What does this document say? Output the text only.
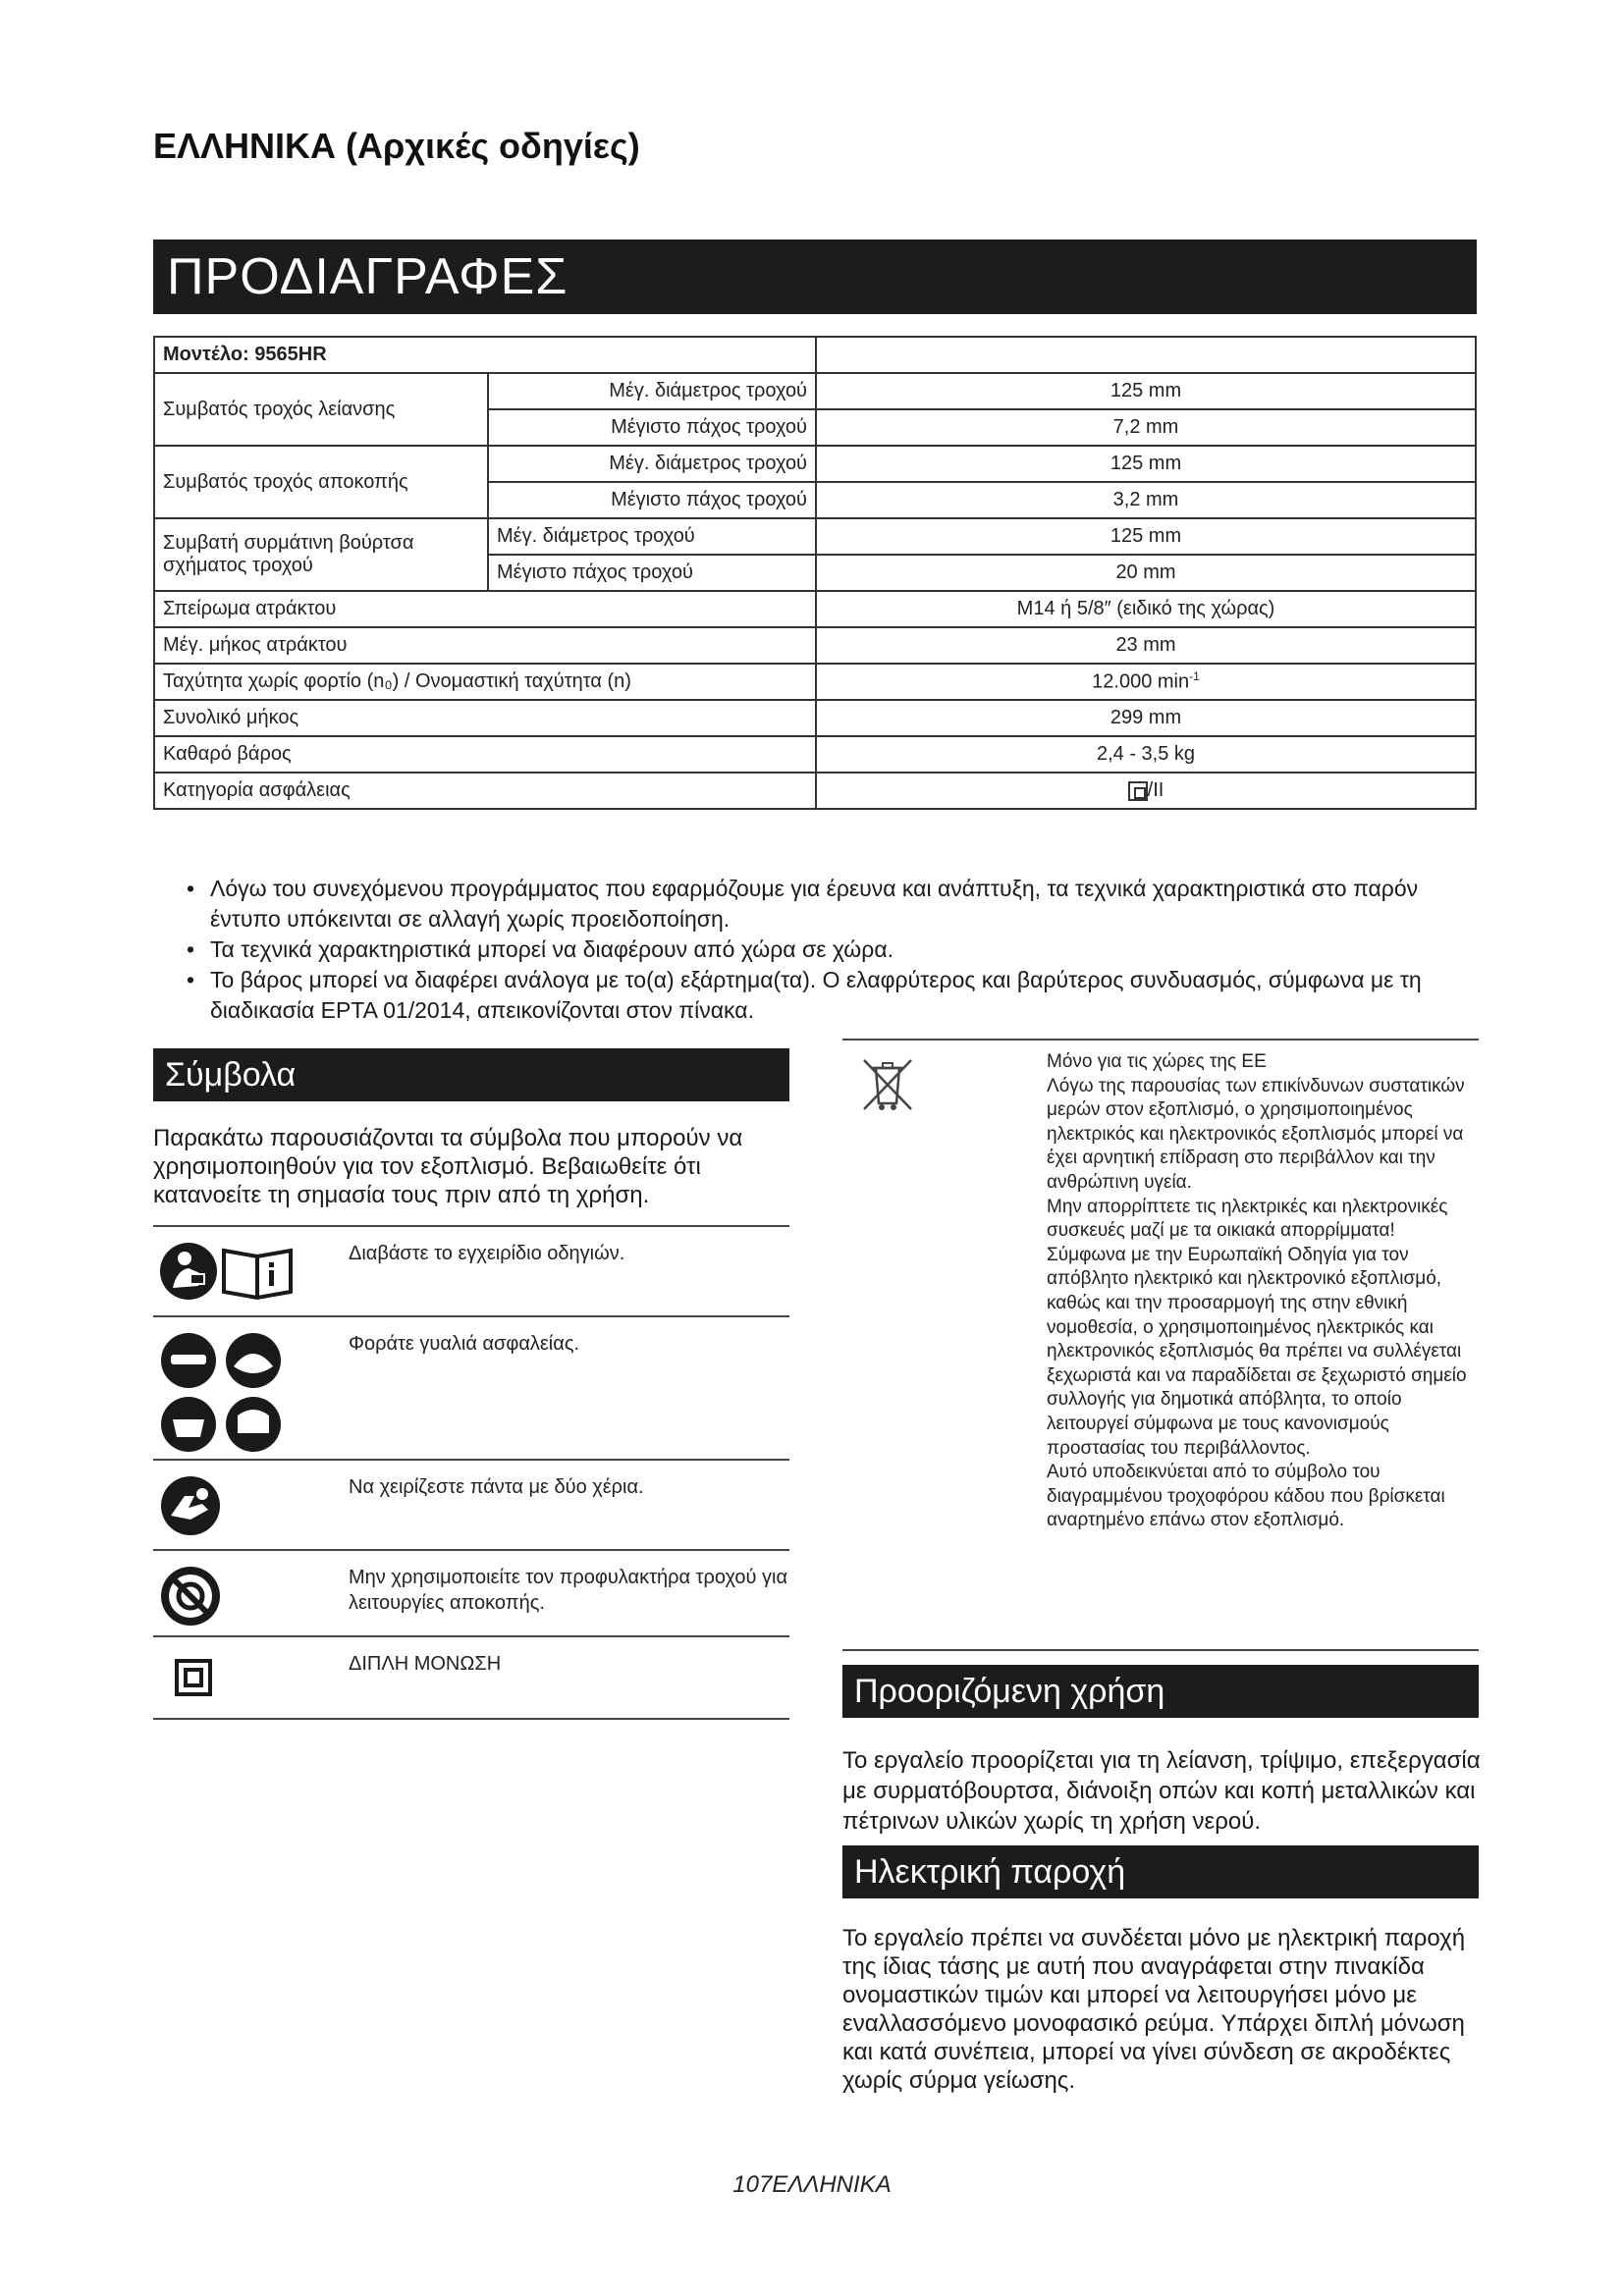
ΕΛΛΗΝΙΚΑ (Αρχικές οδηγίες)
ΠΡΟΔΙΑΓΡΑΦΕΣ
Μοντέλο: 9565HR		
Συμβατός τροχός λείανσης	Μέγ. διάμετρος τροχού	125 mm
	Μέγιστο πάχος τροχού	7,2 mm
Συμβατός τροχός αποκοπής	Μέγ. διάμετρος τροχού	125 mm
	Μέγιστο πάχος τροχού	3,2 mm
Συμβατή συρμάτινη βούρτσα σχήματος τροχού	Μέγ. διάμετρος τροχού	125 mm
	Μέγιστο πάχος τροχού	20 mm
Σπείρωμα ατράκτου		M14 ή 5/8″ (ειδικό της χώρας)
Μέγ. μήκος ατράκτου		23 mm
Ταχύτητα χωρίς φορτίο (n₀) / Ονομαστική ταχύτητα (n)		12.000 $\min^{-1}$
Συνολικό μήκος		299 mm
Καθαρό βάρος		2,4 - 3,5 kg
Κατηγορία ασφάλειας		/II

• Λόγω του συνεχόμενου προγράμματος που εφαρμόζουμε για έρευνα και ανάπτυξη, τα τεχνικά χαρακτηριστικά στο παρόν έντυπο υπόκεινται σε αλλαγή χωρίς προειδοποίηση.

• Τα τεχνικά χαρακτηριστικά μπορεί να διαφέρουν από χώρα σε χώρα.

• Το βάρος μπορεί να διαφέρει ανάλογα με το(α) εξάρτημα(τα). Ο ελαφρύτερος και βαρύτερος συνδυασμός, σύμφωνα με τη διαδικασία EPTA 01/2014, απεικονίζονται στον πίνακα.

Σύμβολα
Παρακάτω παρουσιάζονται τα σύμβολα που μπορούν να χρησιμοποιηθούν για τον εξοπλισμό. Βεβαιωθείτε ότι κατανοείτε τη σημασία τους πριν από τη χρήση.
	Διαβάστε το εγχειρίδιο οδηγιών.

	Φοράτε γυαλιά ασφαλείας.

	Να χειρίζεστε πάντα με δύο χέρια.

	Μην χρησιμοποιείτε τον προφυλακτήρα τροχού για λειτουργίες αποκοπής.

	ΔΙΠΛΗ ΜΟΝΩΣΗ
Μόνο για τις χώρες της ΕΕ
Λόγω της παρουσίας των επικίνδυνων συστατικών μερών στον εξοπλισμό, ο χρησιμοποιημένος ηλεκτρικός και ηλεκτρονικός εξοπλισμός μπορεί να έχει αρνητική επίδραση στο περιβάλλον και την ανθρώπινη υγεία.
Μην απορρίπτετε τις ηλεκτρικές και ηλεκτρονικές συσκευές μαζί με τα οικιακά απορρίμματα!
Σύμφωνα με την Ευρωπαϊκή Οδηγία για τον απόβλητο ηλεκτρικό και ηλεκτρονικό εξοπλισμό, καθώς και την προσαρμογή της στην εθνική νομοθεσία, ο χρησιμοποιημένος ηλεκτρικός και ηλεκτρονικός εξοπλισμός θα πρέπει να συλλέγεται ξεχωριστά και να παραδίδεται σε ξεχωριστό σημείο συλλογής για δημοτικά απόβλητα, το οποίο λειτουργεί σύμφωνα με τους κανονισμούς προστασίας του περιβάλλοντος.
Αυτό υποδεικνύεται από το σύμβολο του διαγραμμένου τροχοφόρου κάδου που βρίσκεται αναρτημένο επάνω στον εξοπλισμό.
Προοριζόμενη χρήση
Το εργαλείο προορίζεται για τη λείανση, τρίψιμο, επεξεργασία με συρματόβουρτσα, διάνοιξη οπών και κοπή μεταλλικών και πέτρινων υλικών χωρίς τη χρήση νερού.
Ηλεκτρική παροχή
Το εργαλείο πρέπει να συνδέεται μόνο με ηλεκτρική παροχή της ίδιας τάσης με αυτή που αναγράφεται στην πινακίδα ονομαστικών τιμών και μπορεί να λειτουργήσει μόνο με εναλλασσόμενο μονοφασικό ρεύμα. Υπάρχει διπλή μόνωση και κατά συνέπεια, μπορεί να γίνει σύνδεση σε ακροδέκτες χωρίς σύρμα γείωσης.
107ΕΛΛΗΝΙΚΑ
